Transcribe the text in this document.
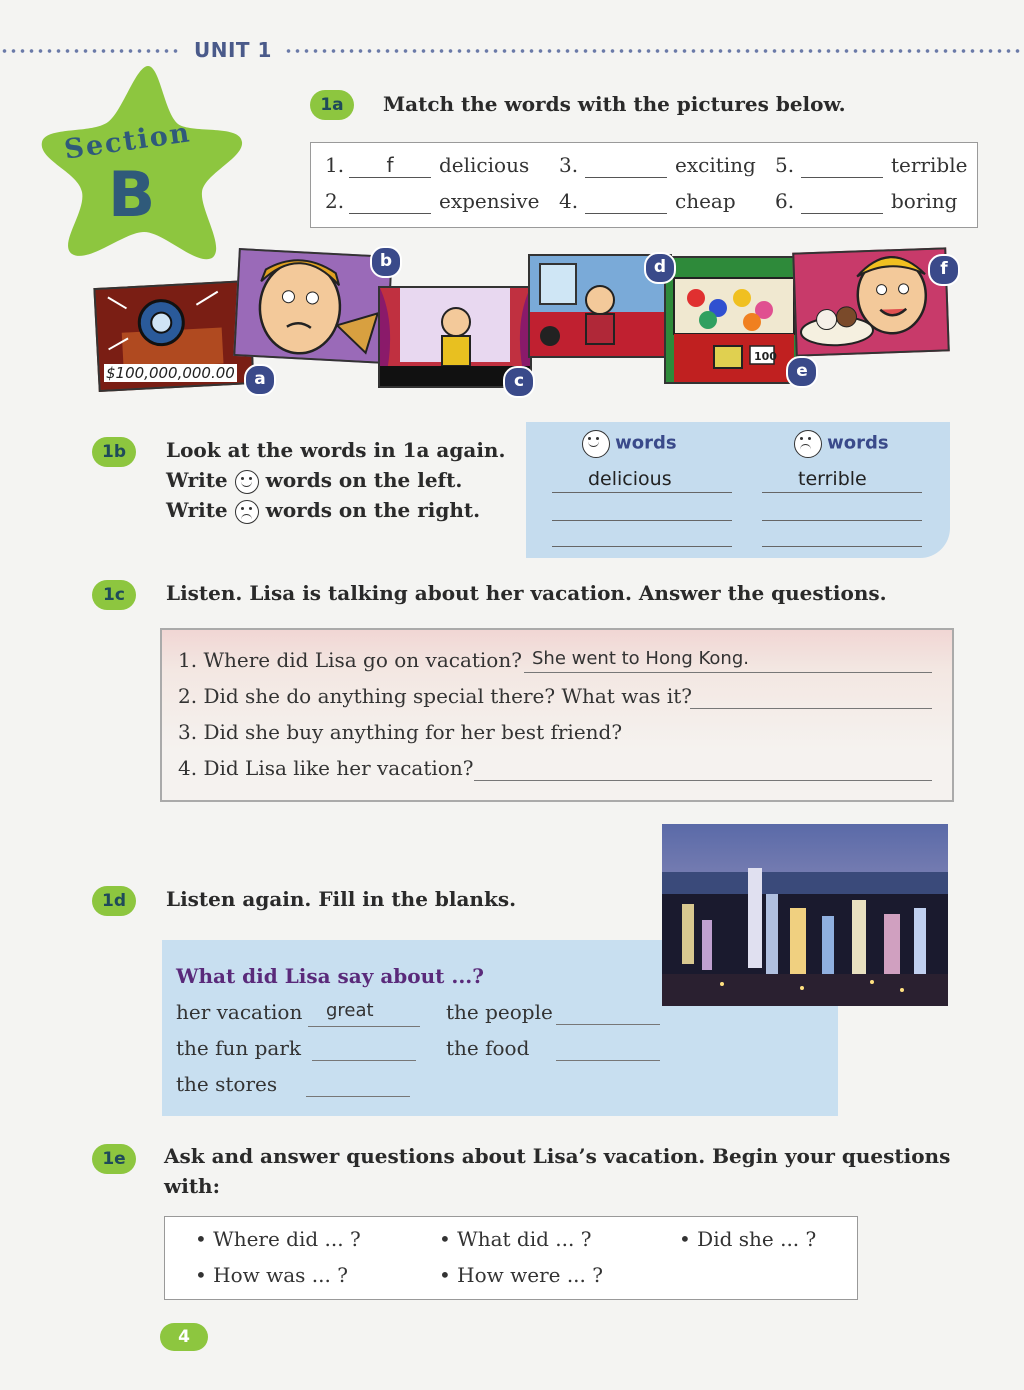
UNIT 1
Section
B
1a	Match the words with the pictures below.
1.	f	delicious
2.	expensive
3.	exciting
4.	cheap
5.	terrible
6.	boring
$100,000,000.00
100
a
b
c
d
e
f
1b	Look at the words in 1a again.
Write words on the left.
Write words on the right.
words	words
delicious	terrible
1c	Listen. Lisa is talking about her vacation. Answer the questions.
1. Where did Lisa go on vacation? She went to Hong Kong.
2. Did she do anything special there? What was it?
3. Did she buy anything for her best friend?
4. Did Lisa like her vacation?
What did Lisa say about ...?
her vacation great	the people
the fun park	the food
the stores
1d	Listen again. Fill in the blanks.
1e	Ask and answer questions about Lisa’s vacation. Begin your questions
with:
• Where did ... ?	• What did ... ?	• Did she ... ?
• How was ... ?	• How were ... ?
4
